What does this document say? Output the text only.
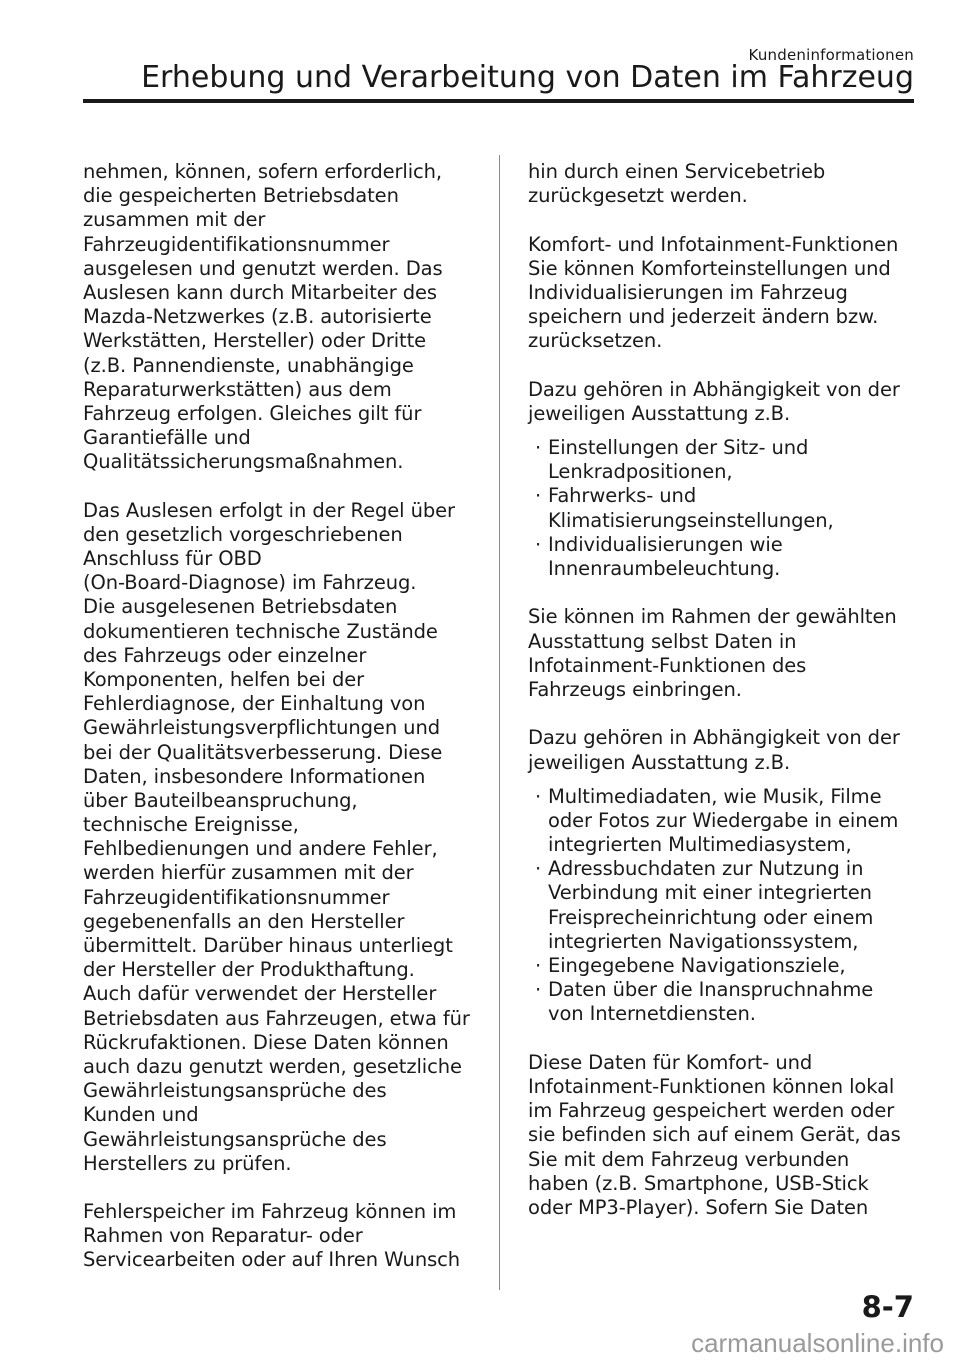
Kundeninformationen
Erhebung und Verarbeitung von Daten im Fahrzeug
nehmen, können, sofern erforderlich,
die gespeicherten Betriebsdaten
zusammen mit der
Fahrzeugidentifikationsnummer
ausgelesen und genutzt werden. Das
Auslesen kann durch Mitarbeiter des
Mazda-Netzwerkes (z.B. autorisierte
Werkstätten, Hersteller) oder Dritte
(z.B. Pannendienste, unabhängige
Reparaturwerkstätten) aus dem
Fahrzeug erfolgen. Gleiches gilt für
Garantiefälle und
Qualitätssicherungsmaßnahmen.
Das Auslesen erfolgt in der Regel über
den gesetzlich vorgeschriebenen
Anschluss für OBD
(On-Board-Diagnose) im Fahrzeug.
Die ausgelesenen Betriebsdaten
dokumentieren technische Zustände
des Fahrzeugs oder einzelner
Komponenten, helfen bei der
Fehlerdiagnose, der Einhaltung von
Gewährleistungsverpflichtungen und
bei der Qualitätsverbesserung. Diese
Daten, insbesondere Informationen
über Bauteilbeanspruchung,
technische Ereignisse,
Fehlbedienungen und andere Fehler,
werden hierfür zusammen mit der
Fahrzeugidentifikationsnummer
gegebenenfalls an den Hersteller
übermittelt. Darüber hinaus unterliegt
der Hersteller der Produkthaftung.
Auch dafür verwendet der Hersteller
Betriebsdaten aus Fahrzeugen, etwa für
Rückrufaktionen. Diese Daten können
auch dazu genutzt werden, gesetzliche
Gewährleistungsansprüche des
Kunden und
Gewährleistungsansprüche des
Herstellers zu prüfen.
Fehlerspeicher im Fahrzeug können im
Rahmen von Reparatur- oder
Servicearbeiten oder auf Ihren Wunsch
hin durch einen Servicebetrieb
zurückgesetzt werden.
Komfort- und Infotainment-Funktionen
Sie können Komforteinstellungen und
Individualisierungen im Fahrzeug
speichern und jederzeit ändern bzw.
zurücksetzen.
Dazu gehören in Abhängigkeit von der
jeweiligen Ausstattung z.B.
· Einstellungen der Sitz- und
Lenkradpositionen,
· Fahrwerks- und
Klimatisierungseinstellungen,
· Individualisierungen wie
Innenraumbeleuchtung.
Sie können im Rahmen der gewählten
Ausstattung selbst Daten in
Infotainment-Funktionen des
Fahrzeugs einbringen.
Dazu gehören in Abhängigkeit von der
jeweiligen Ausstattung z.B.
· Multimediadaten, wie Musik, Filme
oder Fotos zur Wiedergabe in einem
integrierten Multimediasystem,
· Adressbuchdaten zur Nutzung in
Verbindung mit einer integrierten
Freisprecheinrichtung oder einem
integrierten Navigationssystem,
· Eingegebene Navigationsziele,
· Daten über die Inanspruchnahme
von Internetdiensten.
Diese Daten für Komfort- und
Infotainment-Funktionen können lokal
im Fahrzeug gespeichert werden oder
sie befinden sich auf einem Gerät, das
Sie mit dem Fahrzeug verbunden
haben (z.B. Smartphone, USB-Stick
oder MP3-Player). Sofern Sie Daten
8-7
carmanualsonline.info
